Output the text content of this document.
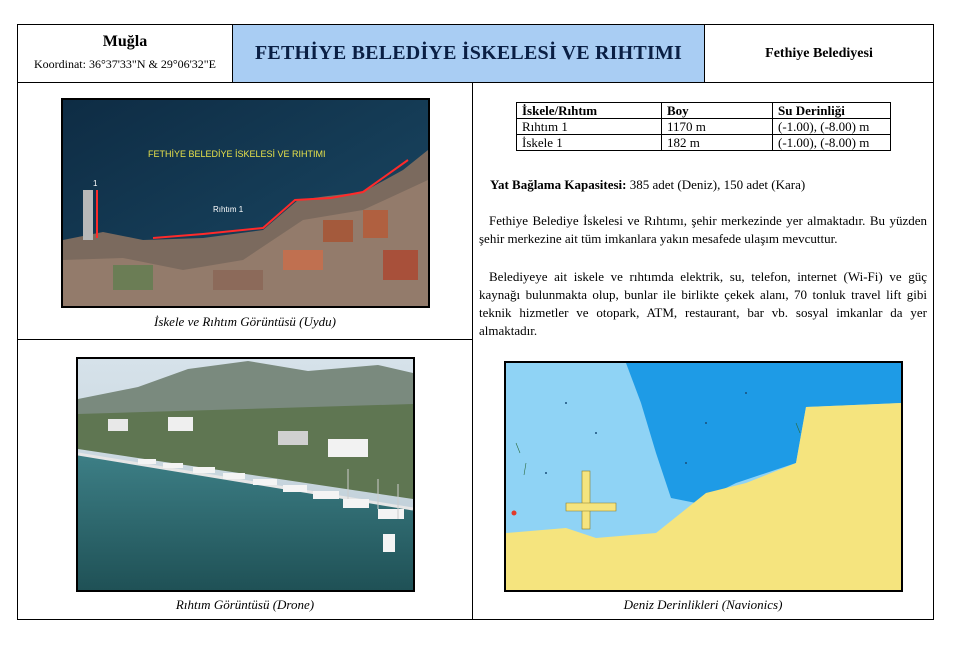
Muğla
Koordinat: 36°37'33"N & 29°06'32"E	FETHİYE BELEDİYE İSKELESİ VE RIHTIMI	Fethiye Belediyesi
FETHİYE BELEDİYE İSKELESİ VE RIHTIMI
Rıhtım 1
1
İskele ve Rıhtım Görüntüsü (Uydu)
Rıhtım Görüntüsü (Drone)
İskele/Rıhtım	Boy	Su Derinliği
Rıhtım 1	1170 m	(-1.00), (-8.00) m
İskele 1	182 m	(-1.00), (-8.00) m
Yat Bağlama Kapasitesi: 385 adet (Deniz), 150 adet (Kara)
Fethiye Belediye İskelesi ve Rıhtımı, şehir merkezinde yer almaktadır. Bu yüzden şehir merkezine ait tüm imkanlara yakın mesafede ulaşım mevcuttur.
Belediyeye ait iskele ve rıhtımda elektrik, su, telefon, internet (Wi-Fi) ve güç kaynağı bulunmakta olup, bunlar ile birlikte çekek alanı, 70 tonluk travel lift gibi teknik hizmetler ve otopark, ATM, restaurant, bar vb. sosyal imkanlar da yer almaktadır.
Deniz Derinlikleri (Navionics)
